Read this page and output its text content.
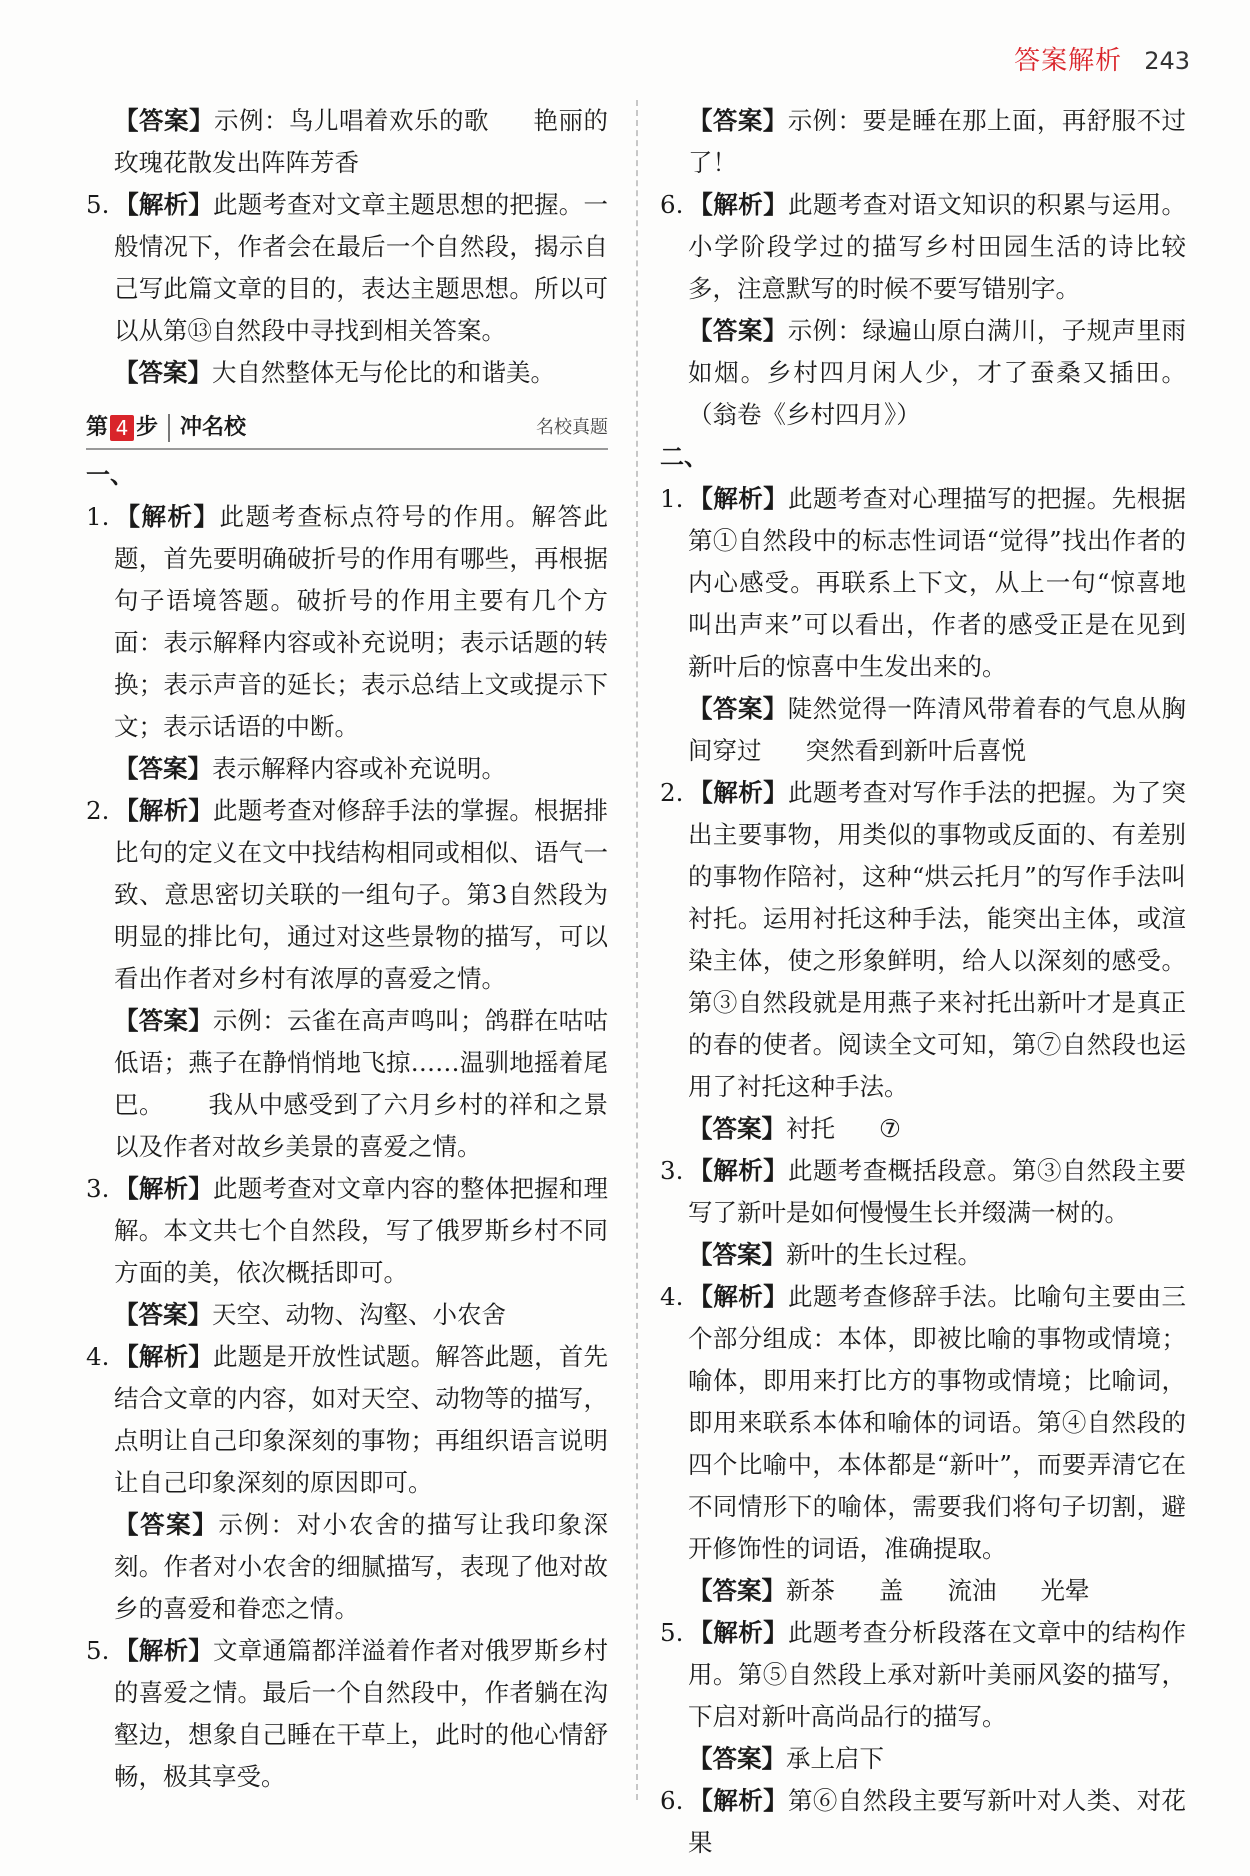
答案解析 243

【答案】示例：鸟儿唱着欢乐的歌 艳丽的玫瑰花散发出阵阵芳香

5. 【解析】此题考查对文章主题思想的把握。一般情况下，作者会在最后一个自然段，揭示自己写此篇文章的目的，表达主题思想。所以可以从第⑬自然段中寻找到相关答案。

【答案】大自然整体无与伦比的和谐美。

第 4 步 冲名校	名校真题

一、

1. 【解析】此题考查标点符号的作用。解答此题，首先要明确破折号的作用有哪些，再根据句子语境答题。破折号的作用主要有几个方面：表示解释内容或补充说明；表示话题的转换；表示声音的延长；表示总结上文或提示下文；表示话语的中断。

【答案】表示解释内容或补充说明。

2. 【解析】此题考查对修辞手法的掌握。根据排比句的定义在文中找结构相同或相似、语气一致、意思密切关联的一组句子。第3自然段为明显的排比句，通过对这些景物的描写，可以看出作者对乡村有浓厚的喜爱之情。

【答案】示例：云雀在高声鸣叫；鸽群在咕咕低语；燕子在静悄悄地飞掠……温驯地摇着尾巴。 我从中感受到了六月乡村的祥和之景以及作者对故乡美景的喜爱之情。

3. 【解析】此题考查对文章内容的整体把握和理解。本文共七个自然段，写了俄罗斯乡村不同方面的美，依次概括即可。

【答案】天空、动物、沟壑、小农舍

4. 【解析】此题是开放性试题。解答此题，首先结合文章的内容，如对天空、动物等的描写，点明让自己印象深刻的事物；再组织语言说明让自己印象深刻的原因即可。

【答案】示例：对小农舍的描写让我印象深刻。作者对小农舍的细腻描写，表现了他对故乡的喜爱和眷恋之情。

5. 【解析】文章通篇都洋溢着作者对俄罗斯乡村的喜爱之情。最后一个自然段中，作者躺在沟壑边，想象自己睡在干草上，此时的他心情舒畅，极其享受。

【答案】示例：要是睡在那上面，再舒服不过了！

6. 【解析】此题考查对语文知识的积累与运用。小学阶段学过的描写乡村田园生活的诗比较多，注意默写的时候不要写错别字。

【答案】示例：绿遍山原白满川，子规声里雨如烟。乡村四月闲人少，才了蚕桑又插田。（翁卷《乡村四月》）

二、

1. 【解析】此题考查对心理描写的把握。先根据第①自然段中的标志性词语“觉得”找出作者的内心感受。再联系上下文，从上一句“惊喜地叫出声来”可以看出，作者的感受正是在见到新叶后的惊喜中生发出来的。

【答案】陡然觉得一阵清风带着春的气息从胸间穿过 突然看到新叶后喜悦

2. 【解析】此题考查对写作手法的把握。为了突出主要事物，用类似的事物或反面的、有差别的事物作陪衬，这种“烘云托月”的写作手法叫衬托。运用衬托这种手法，能突出主体，或渲染主体，使之形象鲜明，给人以深刻的感受。第③自然段就是用燕子来衬托出新叶才是真正的春的使者。阅读全文可知，第⑦自然段也运用了衬托这种手法。

【答案】衬托 ⑦

3. 【解析】此题考查概括段意。第③自然段主要写了新叶是如何慢慢生长并缀满一树的。

【答案】新叶的生长过程。

4. 【解析】此题考查修辞手法。比喻句主要由三个部分组成：本体，即被比喻的事物或情境；喻体，即用来打比方的事物或情境；比喻词，即用来联系本体和喻体的词语。第④自然段的四个比喻中，本体都是“新叶”，而要弄清它在不同情形下的喻体，需要我们将句子切割，避开修饰性的词语，准确提取。

【答案】新茶 盖 流油 光晕

5. 【解析】此题考查分析段落在文章中的结构作用。第⑤自然段上承对新叶美丽风姿的描写，下启对新叶高尚品行的描写。

【答案】承上启下

6. 【解析】第⑥自然段主要写新叶对人类、对花果
